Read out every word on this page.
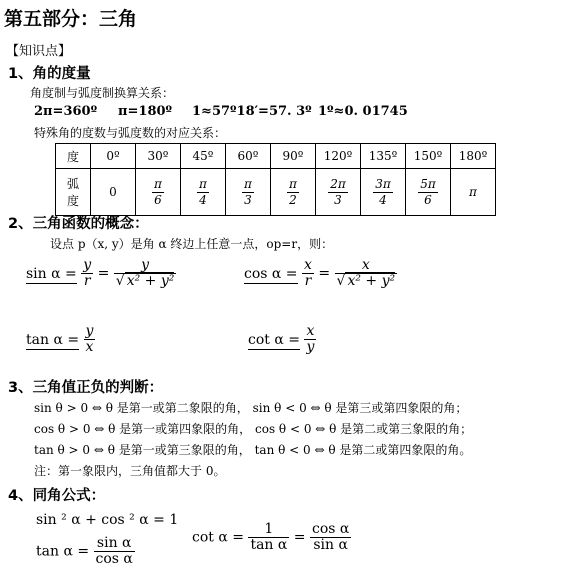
第五部分：三角
【知识点】
1、角的度量
角度制与弧度制换算关系：
2π=360º π=180º 1≈57º18′=57. 3º 1º≈0. 01745
特殊角的度数与弧度数的对应关系：
度	0º	30º	45º	60º	90º	120º	135º	150º	180º
弧度	0	$\frac{\pi}{6}$	$\frac{\pi}{4}$	$\frac{\pi}{3}$	$\frac{\pi}{2}$	$\frac{2\pi}{3}$	$\frac{3\pi}{4}$	$\frac{5\pi}{6}$	π
2、三角函数的概念：
设点 p（x, y）是角 α 终边上任意一点，op=r，则：
$\sin \alpha = \frac{y}{r} = \frac{y}{\text{√ x² + y²}}$	$\cos \alpha = \frac{x}{r} = \frac{x}{\text{√ x² + y²}}$
$\tan \alpha = \frac{y}{x}$	$\cot \alpha = \frac{x}{y}$
3、三角值正负的判断：
sin θ > 0 ⇔ θ 是第一或第二象限的角， sin θ < 0 ⇔ θ 是第三或第四象限的角；
cos θ > 0 ⇔ θ 是第一或第四象限的角， cos θ < 0 ⇔ θ 是第二或第三象限的角；
tan θ > 0 ⇔ θ 是第一或第三象限的角， tan θ < 0 ⇔ θ 是第二或第四象限的角。
注：第一象限内，三角值都大于 0。
4、同角公式：
sin ² α + cos ² α = 1
$\tan \alpha = \frac{\text{sin α}}{\text{cos α}}$	$\cot \alpha = \frac{1}{\text{tan α}} = \frac{\text{cos α}}{\text{sin α}}$
